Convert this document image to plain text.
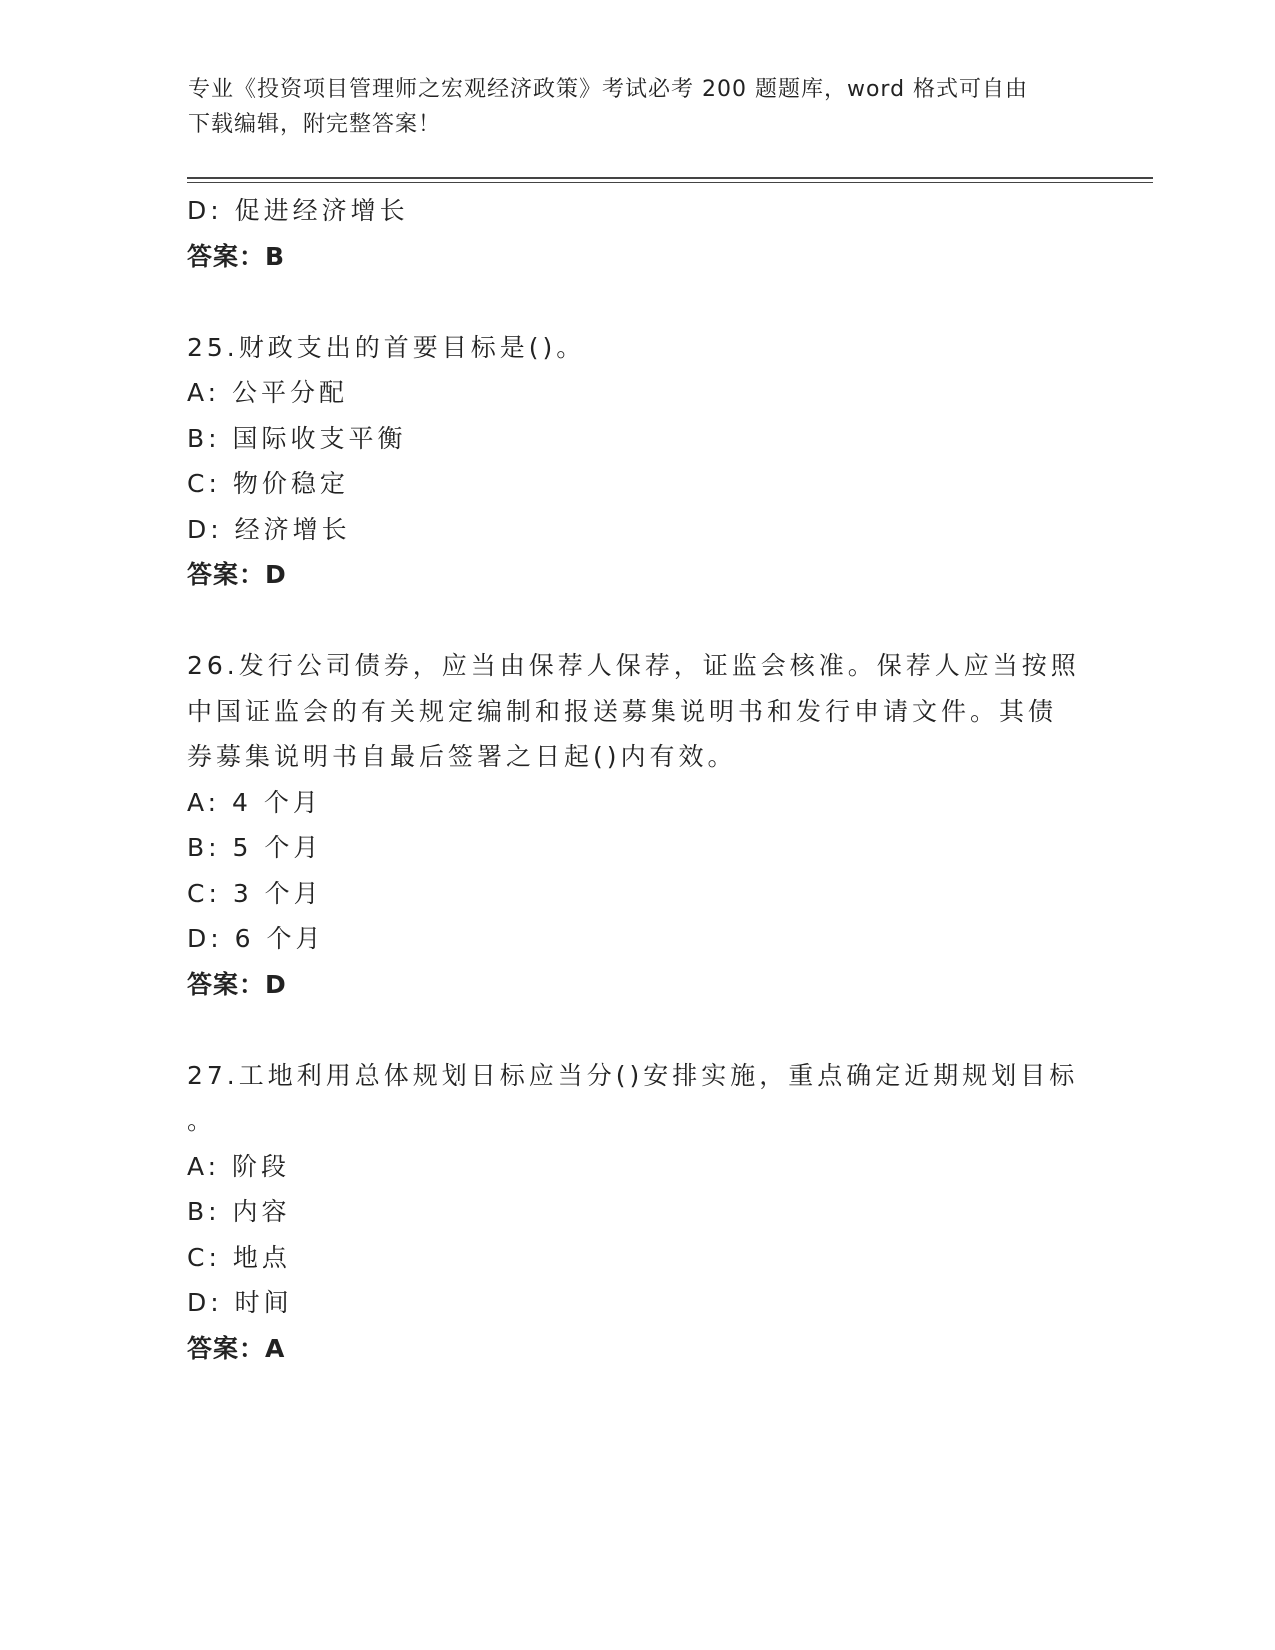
专业《投资项目管理师之宏观经济政策》考试必考 200 题题库，word 格式可自由
下载编辑，附完整答案！
D: 促进经济增长
答案：B
25.财政支出的首要目标是()。
A: 公平分配
B: 国际收支平衡
C: 物价稳定
D: 经济增长
答案：D
26.发行公司债券，应当由保荐人保荐，证监会核准。保荐人应当按照
中国证监会的有关规定编制和报送募集说明书和发行申请文件。其债
券募集说明书自最后签署之日起()内有效。
A: 4 个月
B: 5 个月
C: 3 个月
D: 6 个月
答案：D
27.工地利用总体规划日标应当分()安排实施，重点确定近期规划目标
。
A: 阶段
B: 内容
C: 地点
D: 时间
答案：A
